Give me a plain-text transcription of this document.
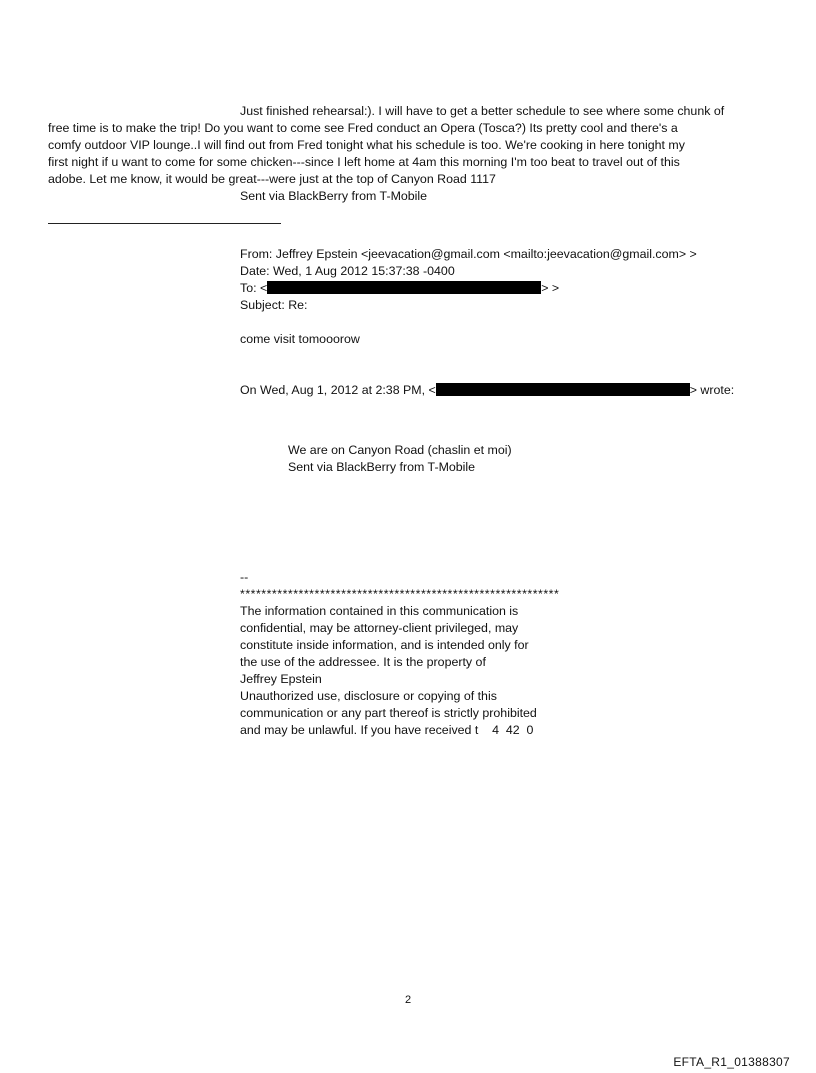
Just finished rehearsal:). I will have to get a better schedule to see where some chunk of
free time is to make the trip! Do you want to come see Fred conduct an Opera (Tosca?) Its pretty cool and there's a
comfy outdoor VIP lounge..I will find out from Fred tonight what his schedule is too. We're cooking in here tonight my
first night if u want to come for some chicken---since I left home at 4am this morning I'm too beat to travel out of this
adobe. Let me know, it would be great---were just at the top of Canyon Road 1117
Sent via BlackBerry from T-Mobile
From: Jeffrey Epstein <jeevacation@gmail.com <mailto:jeevacation@gmail.com> >
Date: Wed, 1 Aug 2012 15:37:38 -0400
To: <	> >
Subject: Re:
come visit tomooorow
On Wed, Aug 1, 2012 at 2:38 PM, <	> wrote:
We are on Canyon Road (chaslin et moi)
Sent via BlackBerry from T-Mobile
--
************************************************************
The information contained in this communication is
confidential, may be attorney-client privileged, may
constitute inside information, and is intended only for
the use of the addressee. It is the property of
Jeffrey Epstein
Unauthorized use, disclosure or copying of this
communication or any part thereof is strictly prohibited
and may be unlawful. If you have received t    4  42  0
2
EFTA_R1_01388307
